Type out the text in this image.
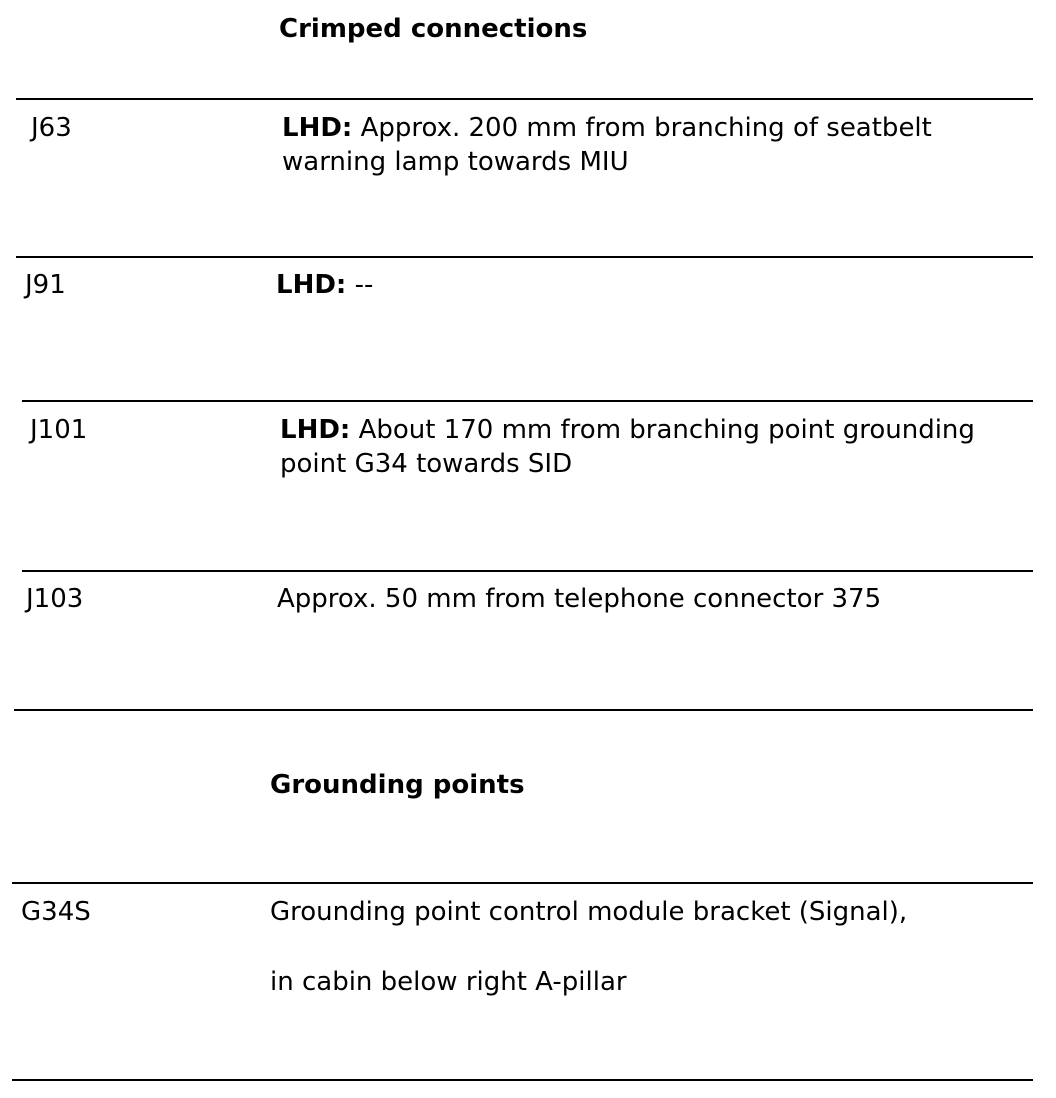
Crimped connections
J63	LHD: Approx. 200 mm from branching of seatbelt warning lamp towards MIU
J91	LHD: --
J101	LHD: About 170 mm from branching point grounding point G34 towards SID
J103	Approx. 50 mm from telephone connector 375
Grounding points
G34S	Grounding point control module bracket (Signal),

in cabin below right A-pillar
